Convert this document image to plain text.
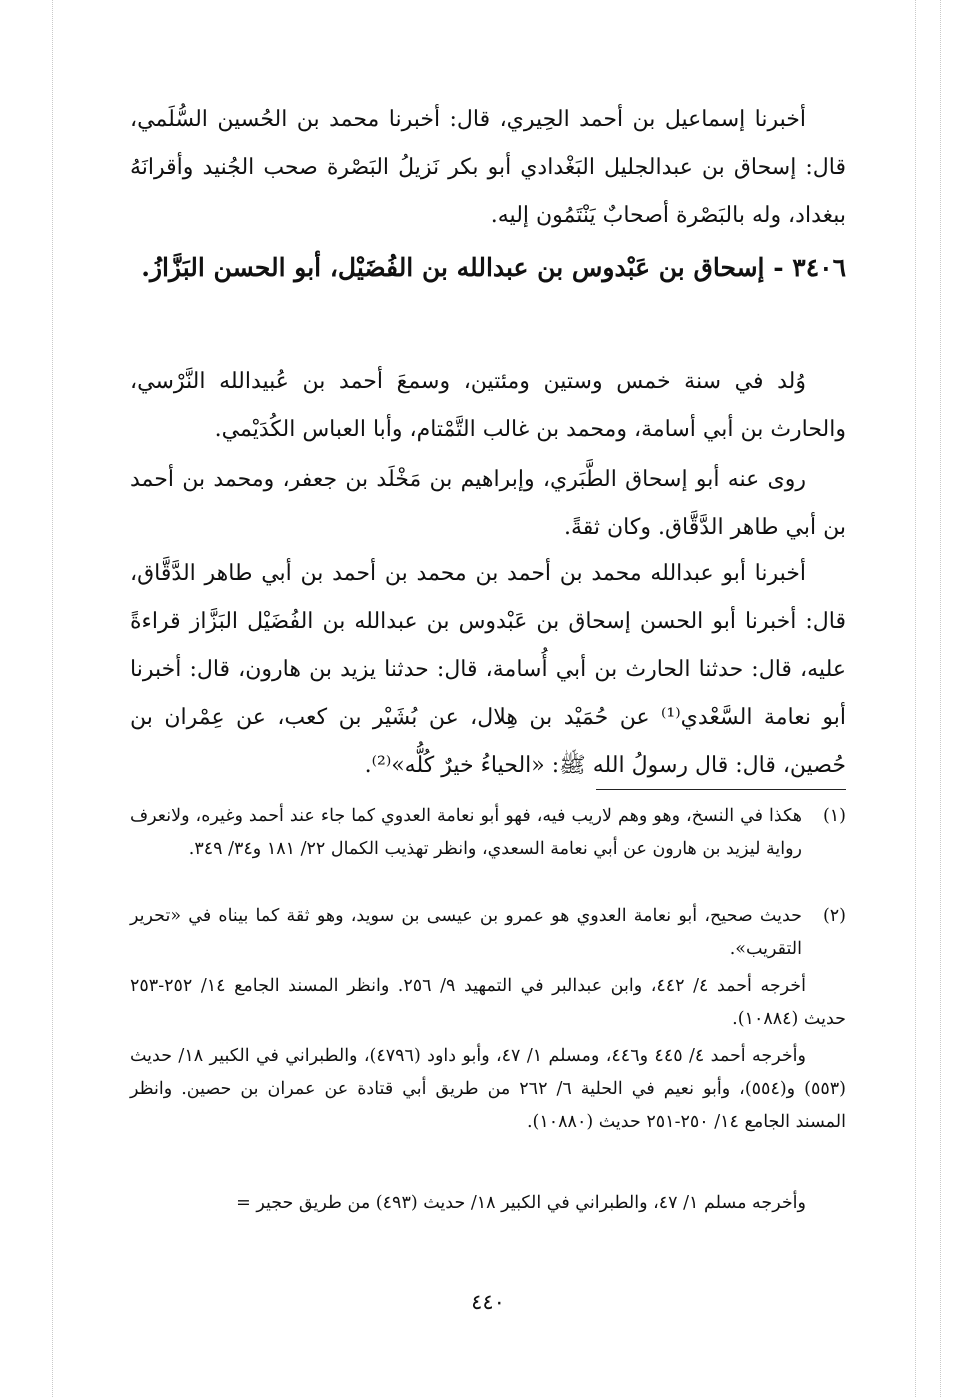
أخبرنا إسماعيل بن أحمد الحِيري، قال: أخبرنا محمد بن الحُسين السُّلَمي، قال: إسحاق بن عبدالجليل البَغْدادي أبو بكر نَزيلُ البَصْرة صحب الجُنيد وأقرانَهُ ببغداد، وله بالبَصْرة أصحابٌ يَنْتَمُون إليه.

٣٤٠٦ - إسحاق بن عَبْدوس بن عبدالله بن الفُضَيْل، أبو الحسن البَزَّازُ.

وُلد في سنة خمس وستين ومئتين، وسمعَ أحمد بن عُبيدالله النَّرْسي، والحارث بن أبي أسامة، ومحمد بن غالب التَّمْتام، وأبا العباس الكُدَيْمي.

روى عنه أبو إسحاق الطَّبَري، وإبراهيم بن مَخْلَد بن جعفر، ومحمد بن أحمد بن أبي طاهر الدَّقَّاق. وكان ثقةً.

أخبرنا أبو عبدالله محمد بن أحمد بن محمد بن أحمد بن أبي طاهر الدَّقَّاق، قال: أخبرنا أبو الحسن إسحاق بن عَبْدوس بن عبدالله بن الفُضَيْل البَزَّاز قراءةً عليه، قال: حدثنا الحارث بن أبي أُسامة، قال: حدثنا يزيد بن هارون، قال: أخبرنا أبو نعامة السَّعْدي⁽¹⁾ عن حُمَيْد بن هِلال، عن بُشَيْر بن كعب، عن عِمْران بن حُصين، قال: قال رسولُ الله ﷺ: «الحياءُ خيرٌ كُلُّه»⁽²⁾.

(١)
هكذا في النسخ، وهو وهم لاريب فيه، فهو أبو نعامة العدوي كما جاء عند أحمد وغيره، ولانعرف رواية ليزيد بن هارون عن أبي نعامة السعدي، وانظر تهذيب الكمال ٢٢/ ١٨١ و٣٤/ ٣٤٩.
(٢)
حديث صحيح، أبو نعامة العدوي هو عمرو بن عيسى بن سويد، وهو ثقة كما بيناه في «تحرير التقريب».

أخرجه أحمد ٤/ ٤٤٢، وابن عبدالبر في التمهيد ٩/ ٢٥٦. وانظر المسند الجامع ١٤/ ٢٥٢-٢٥٣ حديث (١٠٨٨٤).

وأخرجه أحمد ٤/ ٤٤٥ و٤٤٦، ومسلم ١/ ٤٧، وأبو داود (٤٧٩٦)، والطبراني في الكبير ١٨/ حديث (٥٥٣) و(٥٥٤)، وأبو نعيم في الحلية ٦/ ٢٦٢ من طريق أبي قتادة عن عمران بن حصين. وانظر المسند الجامع ١٤/ ٢٥٠-٢٥١ حديث (١٠٨٨٠).

وأخرجه مسلم ١/ ٤٧، والطبراني في الكبير ١٨/ حديث (٤٩٣) من طريق حجير =

٤٤٠
